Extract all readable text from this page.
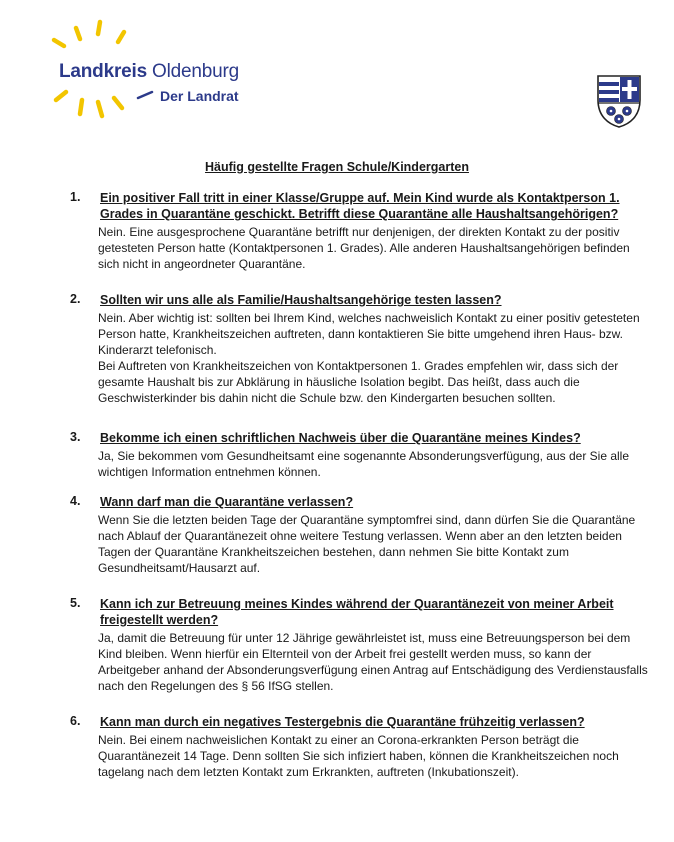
Landkreis Oldenburg
Der Landrat
Häufig gestellte Fragen Schule/Kindergarten
1. Ein positiver Fall tritt in einer Klasse/Gruppe auf. Mein Kind wurde als Kontaktperson 1. Grades in Quarantäne geschickt. Betrifft diese Quarantäne alle Haushaltsangehörigen?

Nein. Eine ausgesprochene Quarantäne betrifft nur denjenigen, der direkten Kontakt zu der positiv getesteten Person hatte (Kontaktpersonen 1. Grades). Alle anderen Haushaltsangehörigen befinden sich nicht in angeordneter Quarantäne.

2. Sollten wir uns alle als Familie/Haushaltsangehörige testen lassen?

Nein. Aber wichtig ist: sollten bei Ihrem Kind, welches nachweislich Kontakt zu einer positiv getesteten Person hatte, Krankheitszeichen auftreten, dann kontaktieren Sie bitte umgehend ihren Haus- bzw. Kinderarzt telefonisch.

Bei Auftreten von Krankheitszeichen von Kontaktpersonen 1. Grades empfehlen wir, dass sich der gesamte Haushalt bis zur Abklärung in häusliche Isolation begibt. Das heißt, dass auch die Geschwisterkinder bis dahin nicht die Schule bzw. den Kindergarten besuchen sollten.

3. Bekomme ich einen schriftlichen Nachweis über die Quarantäne meines Kindes?

Ja, Sie bekommen vom Gesundheitsamt eine sogenannte Absonderungsverfügung, aus der Sie alle wichtigen Information entnehmen können.

4. Wann darf man die Quarantäne verlassen?

Wenn Sie die letzten beiden Tage der Quarantäne symptomfrei sind, dann dürfen Sie die Quarantäne nach Ablauf der Quarantänezeit ohne weitere Testung verlassen. Wenn aber an den letzten beiden Tagen der Quarantäne Krankheitszeichen bestehen, dann nehmen Sie bitte Kontakt zum Gesundheitsamt/Hausarzt auf.

5. Kann ich zur Betreuung meines Kindes während der Quarantänezeit von meiner Arbeit freigestellt werden?

Ja, damit die Betreuung für unter 12 Jährige gewährleistet ist, muss eine Betreuungsperson bei dem Kind bleiben. Wenn hierfür ein Elternteil von der Arbeit frei gestellt werden muss, so kann der Arbeitgeber anhand der Absonderungsverfügung einen Antrag auf Entschädigung des Verdienstausfalls nach den Regelungen des § 56 IfSG stellen.

6. Kann man durch ein negatives Testergebnis die Quarantäne frühzeitig verlassen?

Nein. Bei einem nachweislichen Kontakt zu einer an Corona-erkrankten Person beträgt die Quarantänezeit 14 Tage. Denn sollten Sie sich infiziert haben, können die Krankheitszeichen noch tagelang nach dem letzten Kontakt zum Erkrankten, auftreten (Inkubationszeit).
